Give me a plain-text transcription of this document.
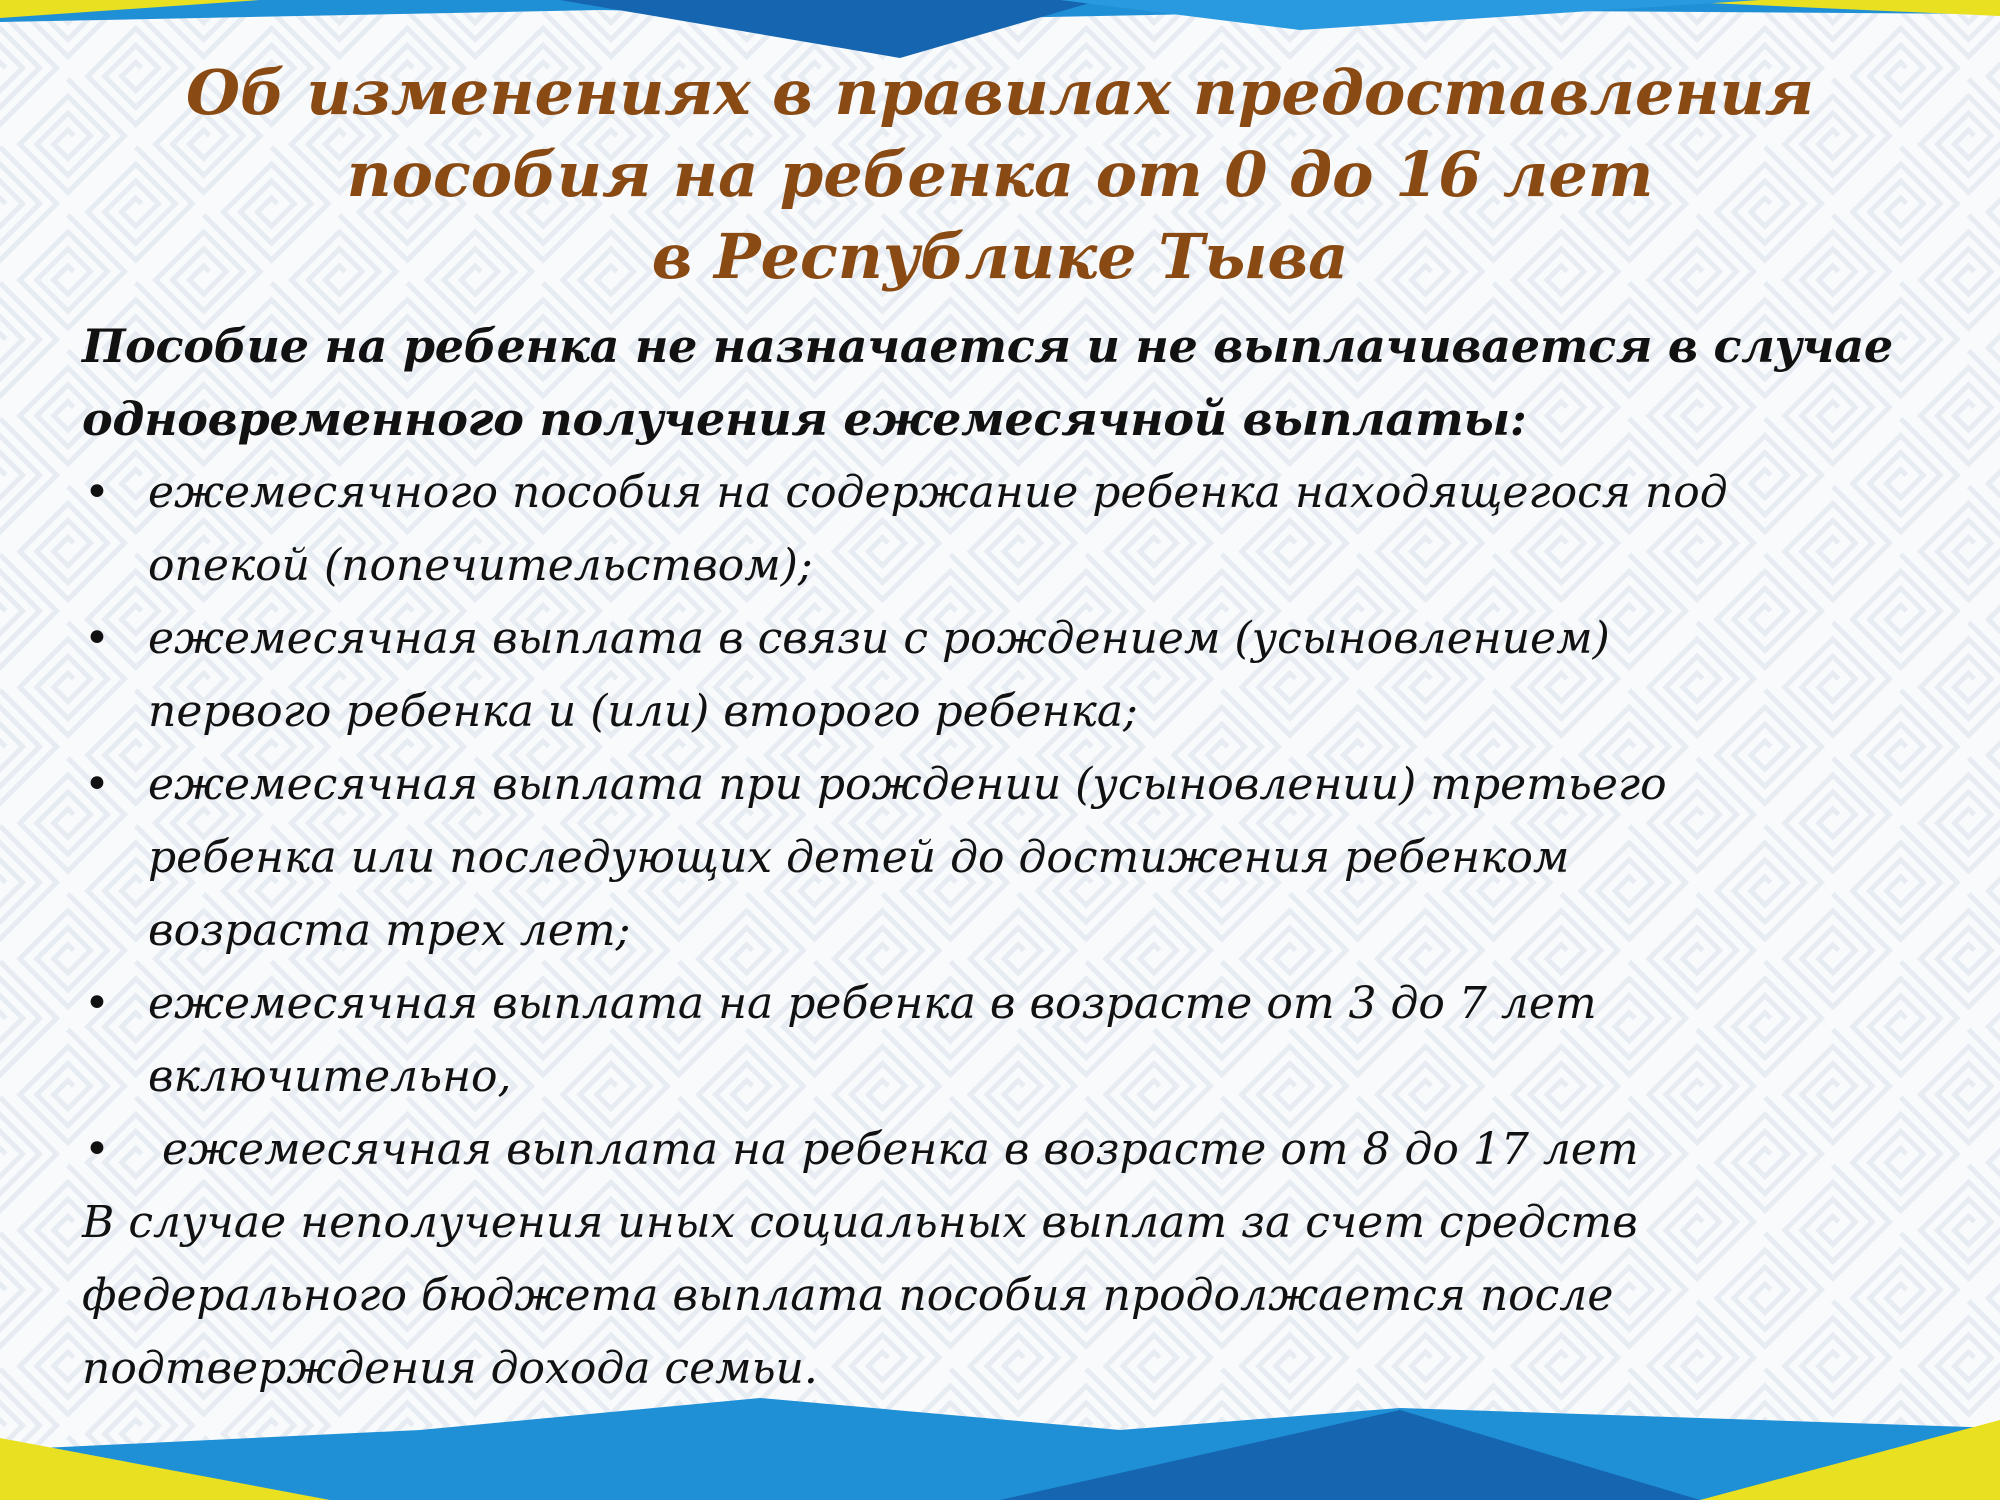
Об изменениях в правилах предоставления
пособия на ребенка от 0 до 16 лет
в Республике Тыва

Пособие на ребенка не назначается и не выплачивается в случае
одновременного получения ежемесячной выплаты:

• ежемесячного пособия на содержание ребенка находящегося под
опекой (попечительством);
• ежемесячная выплата в связи с рождением (усыновлением)
первого ребенка и (или) второго ребенка;
• ежемесячная выплата при рождении (усыновлении) третьего
ребенка или последующих детей до достижения ребенком
возраста трех лет;
• ежемесячная выплата на ребенка в возрасте от 3 до 7 лет
включительно,
• ежемесячная выплата на ребенка в возрасте от 8 до 17 лет

В случае неполучения иных социальных выплат за счет средств
федерального бюджета выплата пособия продолжается после
подтверждения дохода семьи.
